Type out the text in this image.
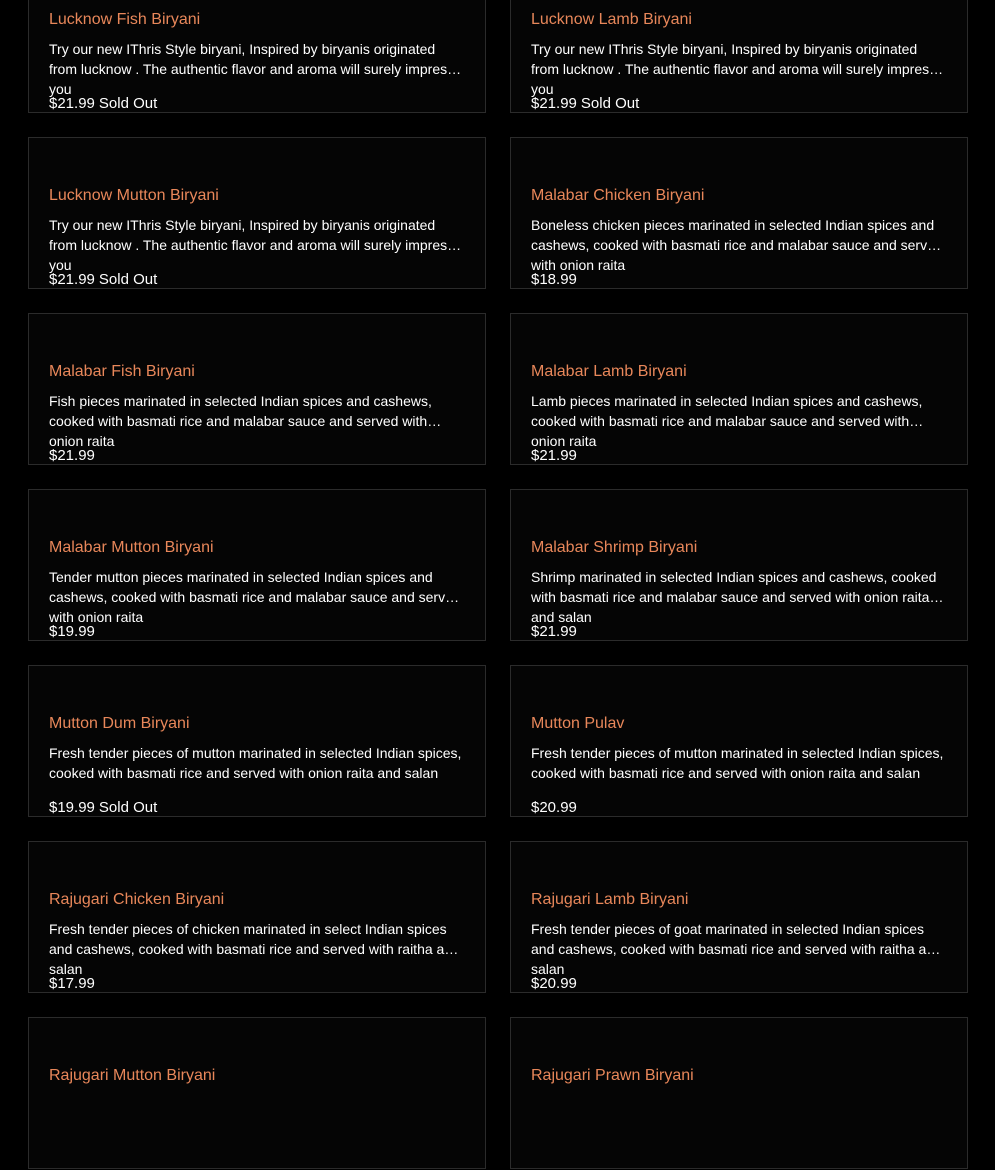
Lucknow Fish Biryani
Try our new IThris Style biryani, Inspired by biryanis originated from lucknow . The authentic flavor and aroma will surely impress you
$21.99 Sold Out
Lucknow Lamb Biryani
Try our new IThris Style biryani, Inspired by biryanis originated from lucknow . The authentic flavor and aroma will surely impress you
$21.99 Sold Out
Lucknow Mutton Biryani
Try our new IThris Style biryani, Inspired by biryanis originated from lucknow . The authentic flavor and aroma will surely impress you
$21.99 Sold Out
Malabar Chicken Biryani
Boneless chicken pieces marinated in selected Indian spices and cashews, cooked with basmati rice and malabar sauce and served with onion raita
$18.99
Malabar Fish Biryani
Fish pieces marinated in selected Indian spices and cashews, cooked with basmati rice and malabar sauce and served with onion raita
$21.99
Malabar Lamb Biryani
Lamb pieces marinated in selected Indian spices and cashews, cooked with basmati rice and malabar sauce and served with onion raita
$21.99
Malabar Mutton Biryani
Tender mutton pieces marinated in selected Indian spices and cashews, cooked with basmati rice and malabar sauce and served with onion raita
$19.99
Malabar Shrimp Biryani
Shrimp marinated in selected Indian spices and cashews, cooked with basmati rice and malabar sauce and served with onion raita and salan
$21.99
Mutton Dum Biryani
Fresh tender pieces of mutton marinated in selected Indian spices, cooked with basmati rice and served with onion raita and salan
$19.99 Sold Out
Mutton Pulav
Fresh tender pieces of mutton marinated in selected Indian spices, cooked with basmati rice and served with onion raita and salan
$20.99
Rajugari Chicken Biryani
Fresh tender pieces of chicken marinated in select Indian spices and cashews, cooked with basmati rice and served with raitha and salan
$17.99
Rajugari Lamb Biryani
Fresh tender pieces of goat marinated in selected Indian spices and cashews, cooked with basmati rice and served with raitha and salan
$20.99
Rajugari Mutton Biryani	Rajugari Prawn Biryani
